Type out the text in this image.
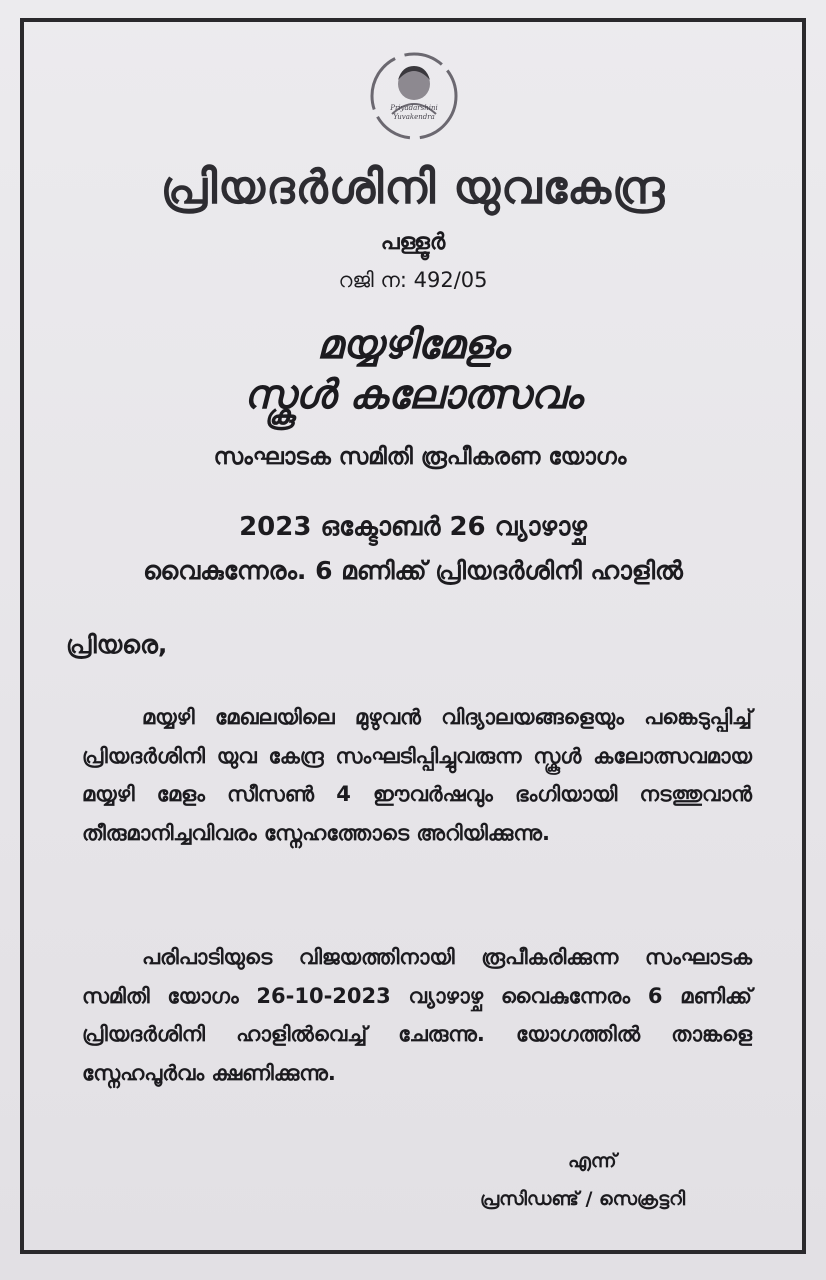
Priyadarshini
Yuvakendra
പ്രിയദർശിനി യുവകേന്ദ്ര
പള്ളൂർ
റജി ന: 492/05
മയ്യഴിമേളം
സ്കൂൾ കലോത്സവം
സംഘാടക സമിതി രൂപീകരണ യോഗം
2023 ഒക്ടോബർ 26 വ്യാഴാഴ്ച
വൈകുന്നേരം. 6 മണിക്ക് പ്രിയദർശിനി ഹാളിൽ
പ്രിയരെ,
മയ്യഴി മേഖലയിലെ മുഴുവൻ വിദ്യാലയങ്ങളെയും പങ്കെടുപ്പിച്ച് പ്രിയദർശിനി യുവ കേന്ദ്ര സംഘടിപ്പിച്ചുവരുന്ന സ്കൂൾ കലോത്സവമായ മയ്യഴി മേളം സീസൺ 4 ഈവർഷവും ഭംഗിയായി നടത്തുവാൻ തീരുമാനിച്ചവിവരം സ്നേഹത്തോടെ അറിയിക്കുന്നു.
പരിപാടിയുടെ വിജയത്തിനായി രൂപീകരിക്കുന്ന സംഘാടക സമിതി യോഗം 26-10-2023 വ്യാഴാഴ്ച വൈകുന്നേരം 6 മണിക്ക് പ്രിയദർശിനി ഹാളിൽവെച്ച് ചേരുന്നു. യോഗത്തിൽ താങ്കളെ സ്നേഹപൂർവം ക്ഷണിക്കുന്നു.
എന്ന്
പ്രസിഡണ്ട് / സെക്രട്ടറി
